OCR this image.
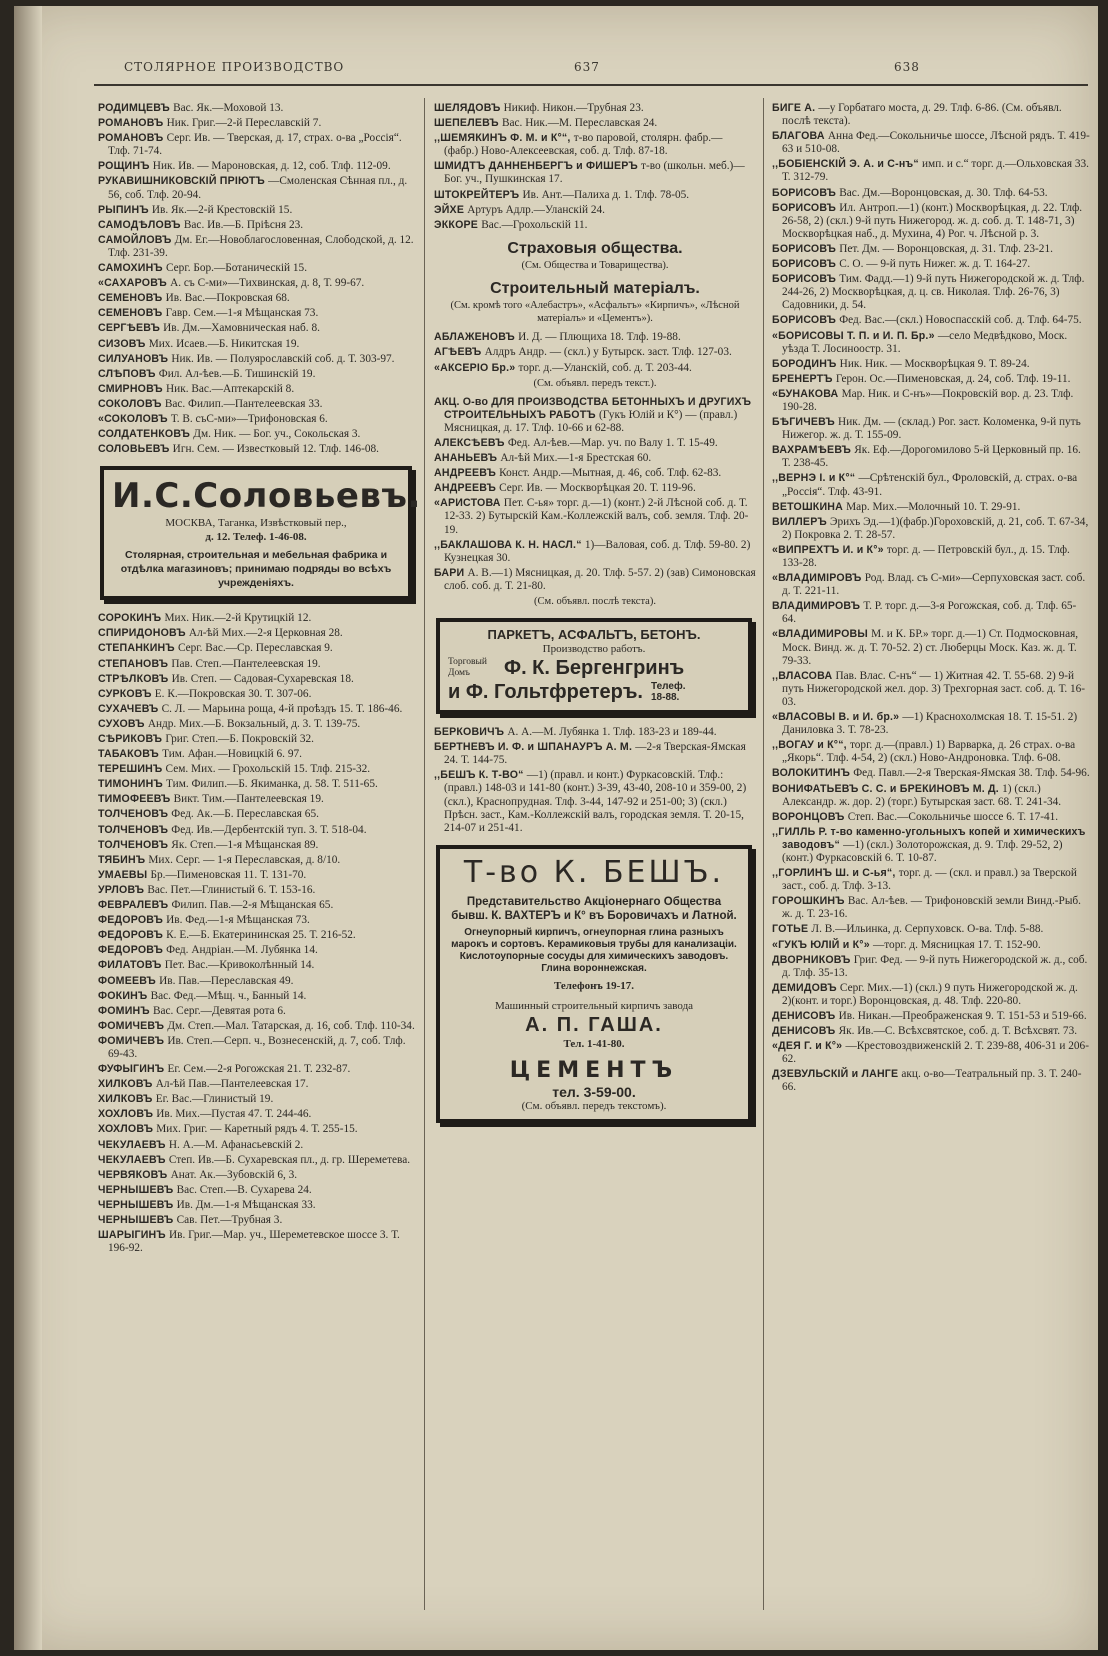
СТОЛЯРНОЕ ПРОИЗВОДСТВО	637	638
РОДИМЦЕВЪ Вас. Як.—Моховой 13.
РОМАНОВЪ Ник. Григ.—2-й Переславскій 7.
РОМАНОВЪ Серг. Ив. — Тверская, д. 17, страх. о-ва „Россія“. Тлф. 71-74.
РОЩИНЪ Ник. Ив. — Мароновская, д. 12, соб. Тлф. 112-09.
РУКАВИШНИКОВСКІЙ ПРІЮТЪ —Смоленская Сѣнная пл., д. 56, соб. Тлф. 20-94.
РЫПИНЪ Ив. Як.—2-й Крестовскій 15.
САМОДѢЛОВЪ Вас. Ив.—Б. Пріѣсня 23.
САМОЙЛОВЪ Дм. Ег.—Новоблагословенная, Слободской, д. 12. Тлф. 231-39.
САМОХИНЪ Серг. Бор.—Ботаническій 15.
«САХАРОВЪ А. съ С-ми»—Тихвинская, д. 8, Т. 99-67.
СЕМЕНОВЪ Ив. Вас.—Покровская 68.
СЕМЕНОВЪ Гавр. Сем.—1-я Мѣщанская 73.
СЕРГѢЕВЪ Ив. Дм.—Хамовническая наб. 8.
СИЗОВЪ Мих. Исаев.—Б. Никитская 19.
СИЛУАНОВЪ Ник. Ив. — Полуярославскій соб. д. Т. 303-97.
СЛѢПОВЪ Фил. Ал-ѣев.—Б. Тишинскій 19.
СМИРНОВЪ Ник. Вас.—Аптекарскій 8.
СОКОЛОВЪ Вас. Филип.—Пантелеевская 33.
«СОКОЛОВЪ Т. В. съС-ми»—Трифоновская 6.
СОЛДАТЕНКОВЪ Дм. Ник. — Бог. уч., Сокольская 3.
СОЛОВЬЕВЪ Игн. Сем. — Известковый 12. Тлф. 146-08.
И.С.Соловьевъ.
МОСКВА, Таганка, Извѣстковый пер.,
д. 12. Телеф. 1-46-08.
Столярная, строительная и мебельная фабрика и отдѣлка магазиновъ; принимаю подряды во всѣхъ учрежденіяхъ.
СОРОКИНЪ Мих. Ник.—2-й Крутицкій 12.
СПИРИДОНОВЪ Ал-ѣй Мих.—2-я Церковная 28.
СТЕПАНКИНЪ Серг. Вас.—Ср. Переславская 9.
СТЕПАНОВЪ Пав. Степ.—Пантелеевская 19.
СТРѢЛКОВЪ Ив. Степ. — Садовая-Сухаревская 18.
СУРКОВЪ Е. К.—Покровская 30. Т. 307-06.
СУХАЧЕВЪ С. Л. — Марьина роща, 4-й проѣздъ 15. Т. 186-46.
СУХОВЪ Андр. Мих.—Б. Вокзальный, д. 3. Т. 139-75.
СѢРИКОВЪ Григ. Степ.—Б. Покровскій 32.
ТАБАКОВЪ Тим. Афан.—Новицкій 6. 97.
ТЕРЕШИНЪ Сем. Мих. — Грохольскій 15. Тлф. 215-32.
ТИМОНИНЪ Тим. Филип.—Б. Якиманка, д. 58. Т. 511-65.
ТИМОФЕЕВЪ Викт. Тим.—Пантелеевская 19.
ТОЛЧЕНОВЪ Фед. Ак.—Б. Переславская 65.
ТОЛЧЕНОВЪ Фед. Ив.—Дербентскій туп. 3. Т. 518-04.
ТОЛЧЕНОВЪ Як. Степ.—1-я Мѣщанская 89.
ТЯБИНЪ Мих. Серг. — 1-я Переславская, д. 8/10.
УМАЕВЫ Бр.—Пименовская 11. Т. 131-70.
УРЛОВЪ Вас. Пет.—Глинистый 6. Т. 153-16.
ФЕВРАЛЕВЪ Филип. Пав.—2-я Мѣщанская 65.
ФЕДОРОВЪ Ив. Фед.—1-я Мѣщанская 73.
ФЕДОРОВЪ К. Е.—Б. Екатерининская 25. Т. 216-52.
ФЕДОРОВЪ Фед. Андріан.—М. Лубянка 14.
ФИЛАТОВЪ Пет. Вас.—Кривоколѣнный 14.
ФОМЕЕВЪ Ив. Пав.—Переславская 49.
ФОКИНЪ Вас. Фед.—Мѣщ. ч., Банный 14.
ФОМИНЪ Вас. Серг.—Девятая рота 6.
ФОМИЧЕВЪ Дм. Степ.—Мал. Татарская, д. 16, соб. Тлф. 110-34.
ФОМИЧЕВЪ Ив. Степ.—Серп. ч., Вознесенскій, д. 7, соб. Тлф. 69-43.
ФУФЫГИНЪ Ег. Сем.—2-я Рогожская 21. Т. 232-87.
ХИЛКОВЪ Ал-ѣй Пав.—Пантелеевская 17.
ХИЛКОВЪ Ег. Вас.—Глинистый 19.
ХОХЛОВЪ Ив. Мих.—Пустая 47. Т. 244-46.
ХОХЛОВЪ Мих. Григ. — Каретный рядъ 4. Т. 255-15.
ЧЕКУЛАЕВЪ Н. А.—М. Афанасьевскій 2.
ЧЕКУЛАЕВЪ Степ. Ив.—Б. Сухаревская пл., д. гр. Шереметева.
ЧЕРВЯКОВЪ Анат. Ак.—Зубовскій 6, 3.
ЧЕРНЫШЕВЪ Вас. Степ.—В. Сухарева 24.
ЧЕРНЫШЕВЪ Ив. Дм.—1-я Мѣщанская 33.
ЧЕРНЫШЕВЪ Сав. Пет.—Трубная 3.
ШАРЫГИНЪ Ив. Григ.—Мар. уч., Шереметевское шоссе 3. Т. 196-92.
ШЕЛЯДОВЪ Никиф. Никон.—Трубная 23.
ШЕПЕЛЕВЪ Вас. Ник.—М. Переславская 24.
,,ШЕМЯКИНЪ Ф. М. и К°“, т-во паровой, столярн. фабр.—(фабр.) Ново-Алексеевская, соб. д. Тлф. 87-18.
ШМИДТЪ ДАННЕНБЕРГЪ и ФИШЕРЪ т-во (школьн. меб.)—Бог. уч., Пушкинская 17.
ШТОКРЕЙТЕРЪ Ив. Ант.—Палиха д. 1. Тлф. 78-05.
ЭЙХЕ Артуръ Адлр.—Уланскій 24.
ЭККОРЕ Вас.—Грохольскій 11.
Страховыя общества.
(См. Общества и Товарищества).
Строительный матеріалъ.
(См. кромѣ того «Алебастръ», «Асфальтъ» «Кирпичъ», «Лѣсной матеріалъ» и «Цементъ»).
АБЛАЖЕНОВЪ И. Д. — Плющиха 18. Тлф. 19-88.
АГѢЕВЪ Алдръ Андр. — (скл.) у Бутырск. заст. Тлф. 127-03.
«АКСЕРІО Бр.» торг. д.—Уланскій, соб. д. Т. 203-44.
(См. объявл. передъ текст.).
АКЦ. О-во ДЛЯ ПРОИЗВОДСТВА БЕТОННЫХЪ И ДРУГИХЪ СТРОИТЕЛЬНЫХЪ РАБОТЪ (Гукъ Юлій и К°) — (правл.) Мясницкая, д. 17. Тлф. 10-66 и 62-88.
АЛЕКСѢЕВЪ Фед. Ал-ѣев.—Мар. уч. по Валу 1. Т. 15-49.
АНАНЬЕВЪ Ал-ѣй Мих.—1-я Брестская 60.
АНДРЕЕВЪ Конст. Андр.—Мытная, д. 46, соб. Тлф. 62-83.
АНДРЕЕВЪ Серг. Ив. — Москворѣцкая 20. Т. 119-96.
«АРИСТОВА Пет. С-ья» торг. д.—1) (конт.) 2-й Лѣсной соб. д. Т. 12-33. 2) Бутырскій Кам.-Коллежскій валъ, соб. земля. Тлф. 20-19.
,,БАКЛАШОВА К. Н. НАСЛ.“ 1)—Валовая, соб. д. Тлф. 59-80. 2) Кузнецкая 30.
БАРИ А. В.—1) Мясницкая, д. 20. Тлф. 5-57. 2) (зав) Симоновская слоб. соб. д. Т. 21-80.
(См. объявл. послѣ текста).
ПАРКЕТЪ, АСФАЛЬТЪ, БЕТОНЪ.
Производство работъ.
Торговый Домъ	Ф. К. Бергенгринъ
и Ф. Гольтфретеръ. Телеф. 18-88.
БЕРКОВИЧЪ А. А.—М. Лубянка 1. Тлф. 183-23 и 189-44.
БЕРТНЕВЪ И. Ф. и ШПАНАУРЪ А. М. —2-я Тверская-Ямская 24. Т. 144-75.
,,БЕШЪ К. Т-ВО“ —1) (правл. и конт.) Фуркасовскій. Тлф.: (правл.) 148-03 и 141-80 (конт.) 3-39, 43-40, 208-10 и 359-00, 2) (скл.), Краснопрудная. Тлф. 3-44, 147-92 и 251-00; 3) (скл.) Прѣсн. заст., Кам.-Коллежскій валъ, городская земля. Т. 20-15, 214-07 и 251-41.
Т-во К. БЕШЪ.
Представительство Акціонернаго Общества бывш. К. ВАХТЕРЪ и К° въ Боровичахъ и Латной.
Огнеупорный кирпичъ, огнеупорная глина разныхъ марокъ и сортовъ. Керамиковыя трубы для канализаціи. Кислотоупорные сосуды для химическихъ заводовъ. Глина вороннежская.
Телефонъ 19-17.
Машинный строительный кирпичъ завода
А. П. ГАША.
Тел. 1-41-80.
ЦЕМЕНТЪ
тел. 3-59-00.
(См. объявл. передъ текстомъ).
БИГЕ А. —у Горбатаго моста, д. 29. Тлф. 6-86. (См. объявл. послѣ текста).
БЛАГОВА Анна Фед.—Сокольничье шоссе, Лѣсной рядъ. Т. 419-63 и 510-08.
,,БОБІЕНСКІЙ Э. А. и С-нъ“ имп. и с.“ торг. д.—Ольховская 33. Т. 312-79.
БОРИСОВЪ Вас. Дм.—Воронцовская, д. 30. Тлф. 64-53.
БОРИСОВЪ Ил. Антроп.—1) (конт.) Москворѣцкая, д. 22. Тлф. 26-58, 2) (скл.) 9-й путь Нижегород. ж. д. соб. д. Т. 148-71, 3) Москворѣцкая наб., д. Мухина, 4) Рог. ч. Лѣсной р. 3.
БОРИСОВЪ Пет. Дм. — Воронцовская, д. 31. Тлф. 23-21.
БОРИСОВЪ С. О. — 9-й путь Нижег. ж. д. Т. 164-27.
БОРИСОВЪ Тим. Фадд.—1) 9-й путь Нижегородской ж. д. Тлф. 244-26, 2) Москворѣцкая, д. ц. св. Николая. Тлф. 26-76, 3) Садовники, д. 54.
БОРИСОВЪ Фед. Вас.—(скл.) Новоспасскій соб. д. Тлф. 64-75.
«БОРИСОВЫ Т. П. и И. П. Бр.» —село Медвѣдково, Моск. уѣзда Т. Лосиноостр. 31.
БОРОДИНЪ Ник. Ник. — Москворѣцкая 9. Т. 89-24.
БРЕНЕРТЪ Герон. Ос.—Пименовская, д. 24, соб. Тлф. 19-11.
«БУНАКОВА Мар. Ник. и С-нъ»—Покровскій вор. д. 23. Тлф. 190-28.
БѢГИЧЕВЪ Ник. Дм. — (склад.) Рог. заст. Коломенка, 9-й путь Нижегор. ж. д. Т. 155-09.
ВАХРАМѢЕВЪ Як. Еф.—Дорогомилово 5-й Церковный пр. 16. Т. 238-45.
,,ВЕРНЭ І. и К°“ —Срѣтенскій бул., Фроловскій, д. страх. о-ва „Россія“. Тлф. 43-91.
ВЕТОШКИНА Мар. Мих.—Молочный 10. Т. 29-91.
ВИЛЛЕРЪ Эрихъ Эд.—1)(фабр.)Гороховскій, д. 21, соб. Т. 67-34, 2) Покровка 2. Т. 28-57.
«ВИПРЕХТЪ И. и К°» торг. д. — Петровскій бул., д. 15. Тлф. 133-28.
«ВЛАДИМІРОВЪ Род. Влад. съ С-ми»—Серпуховская заст. соб. д. Т. 221-11.
ВЛАДИМИРОВЪ Т. Р. торг. д.—3-я Рогожская, соб. д. Тлф. 65-64.
«ВЛАДИМИРОВЫ М. и К. БР.» торг. д.—1) Ст. Подмосковная, Моск. Винд. ж. д. Т. 70-52. 2) ст. Люберцы Моск. Каз. ж. д. Т. 79-33.
,,ВЛАСОВА Пав. Влас. С-нъ“ — 1) Житная 42. Т. 55-68. 2) 9-й путь Нижегородской жел. дор. 3) Трехгорная заст. соб. д. Т. 16-03.
«ВЛАСОВЫ В. и И. бр.» —1) Краснохолмская 18. Т. 15-51. 2) Даниловка 3. Т. 78-23.
,,ВОГАУ и К°“, торг. д.—(правл.) 1) Варварка, д. 26 страх. о-ва „Якорь“. Тлф. 4-54, 2) (скл.) Ново-Андроновка. Тлф. 6-08.
ВОЛОКИТИНЪ Фед. Павл.—2-я Тверская-Ямская 38. Тлф. 54-96.
ВОНИФАТЬЕВЪ С. С. и БРЕКИНОВЪ М. Д. 1) (скл.) Александр. ж. дор. 2) (торг.) Бутырская заст. 68. Т. 241-34.
ВОРОНЦОВЪ Степ. Вас.—Сокольничье шоссе 6. Т. 17-41.
,,ГИЛЛЬ Р. т-во каменно-угольныхъ копей и химическихъ заводовъ“ —1) (скл.) Золоторожская, д. 9. Тлф. 29-52, 2) (конт.) Фуркасовскій 6. Т. 10-87.
,,ГОРЛИНЪ Ш. и С-ья“, торг. д. — (скл. и правл.) за Тверской заст., соб. д. Тлф. 3-13.
ГОРОШКИНЪ Вас. Ал-ѣев. — Трифоновскій земли Винд.-Рыб. ж. д. Т. 23-16.
ГОТЬЕ Л. В.—Ильинка, д. Серпуховск. О-ва. Тлф. 5-88.
«ГУКЪ ЮЛІЙ и К°» —торг. д. Мясницкая 17. Т. 152-90.
ДВОРНИКОВЪ Григ. Фед. — 9-й путь Нижегородской ж. д., соб. д. Тлф. 35-13.
ДЕМИДОВЪ Серг. Мих.—1) (скл.) 9 путь Нижегородской ж. д. 2)(конт. и торг.) Воронцовская, д. 48. Тлф. 220-80.
ДЕНИСОВЪ Ив. Никан.—Преображенская 9. Т. 151-53 и 519-66.
ДЕНИСОВЪ Як. Ив.—С. Всѣхсвятское, соб. д. Т. Всѣхсвят. 73.
«ДЕЯ Г. и К°» —Крестовоздвиженскій 2. Т. 239-88, 406-31 и 206-62.
ДЗЕВУЛЬСКІЙ и ЛАНГЕ акц. о-во—Театральный пр. 3. Т. 240-66.
